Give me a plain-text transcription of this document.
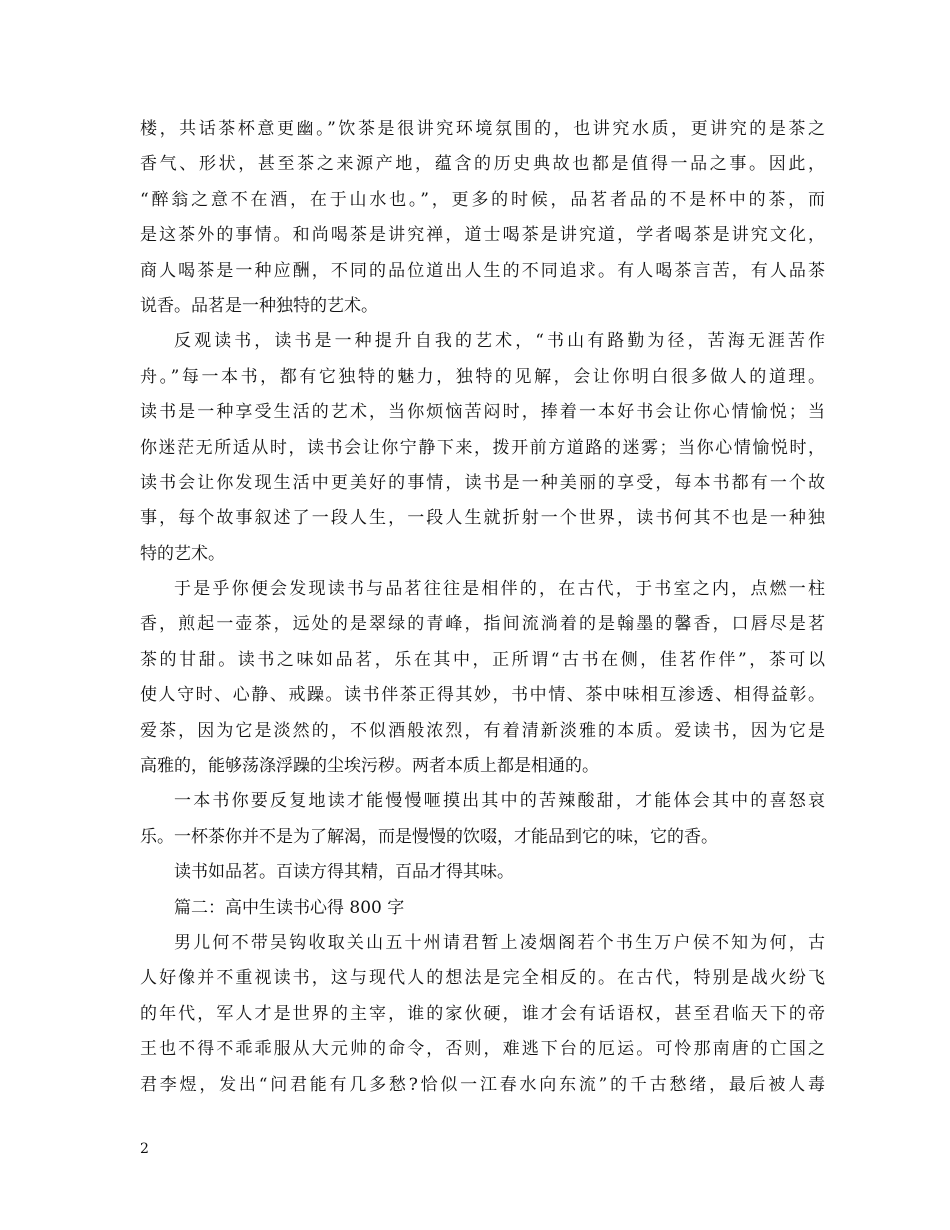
楼，共话茶杯意更幽。”饮茶是很讲究环境氛围的，也讲究水质，更讲究的是茶之
香气、形状，甚至茶之来源产地，蕴含的历史典故也都是值得一品之事。因此，
“醉翁之意不在酒，在于山水也。”，更多的时候，品茗者品的不是杯中的茶，而
是这茶外的事情。和尚喝茶是讲究禅，道士喝茶是讲究道，学者喝茶是讲究文化，
商人喝茶是一种应酬，不同的品位道出人生的不同追求。有人喝茶言苦，有人品茶
说香。品茗是一种独特的艺术。
反观读书，读书是一种提升自我的艺术，“书山有路勤为径，苦海无涯苦作
舟。”每一本书，都有它独特的魅力，独特的见解，会让你明白很多做人的道理。
读书是一种享受生活的艺术，当你烦恼苦闷时，捧着一本好书会让你心情愉悦；当
你迷茫无所适从时，读书会让你宁静下来，拨开前方道路的迷雾；当你心情愉悦时，
读书会让你发现生活中更美好的事情，读书是一种美丽的享受，每本书都有一个故
事，每个故事叙述了一段人生，一段人生就折射一个世界，读书何其不也是一种独
特的艺术。
于是乎你便会发现读书与品茗往往是相伴的，在古代，于书室之内，点燃一柱
香，煎起一壶茶，远处的是翠绿的青峰，指间流淌着的是翰墨的馨香，口唇尽是茗
茶的甘甜。读书之味如品茗，乐在其中，正所谓“古书在侧，佳茗作伴”，茶可以
使人守时、心静、戒躁。读书伴茶正得其妙，书中情、茶中味相互渗透、相得益彰。
爱茶，因为它是淡然的，不似酒般浓烈，有着清新淡雅的本质。爱读书，因为它是
高雅的，能够荡涤浮躁的尘埃污秽。两者本质上都是相通的。
一本书你要反复地读才能慢慢咂摸出其中的苦辣酸甜，才能体会其中的喜怒哀
乐。一杯茶你并不是为了解渴，而是慢慢的饮啜，才能品到它的味，它的香。
读书如品茗。百读方得其精，百品才得其味。
篇二：高中生读书心得 800 字
男儿何不带吴钩收取关山五十州请君暂上凌烟阁若个书生万户侯不知为何，古
人好像并不重视读书，这与现代人的想法是完全相反的。在古代，特别是战火纷飞
的年代，军人才是世界的主宰，谁的家伙硬，谁才会有话语权，甚至君临天下的帝
王也不得不乖乖服从大元帅的命令，否则，难逃下台的厄运。可怜那南唐的亡国之
君李煜，发出“问君能有几多愁?恰似一江春水向东流”的千古愁绪，最后被人毒
2
